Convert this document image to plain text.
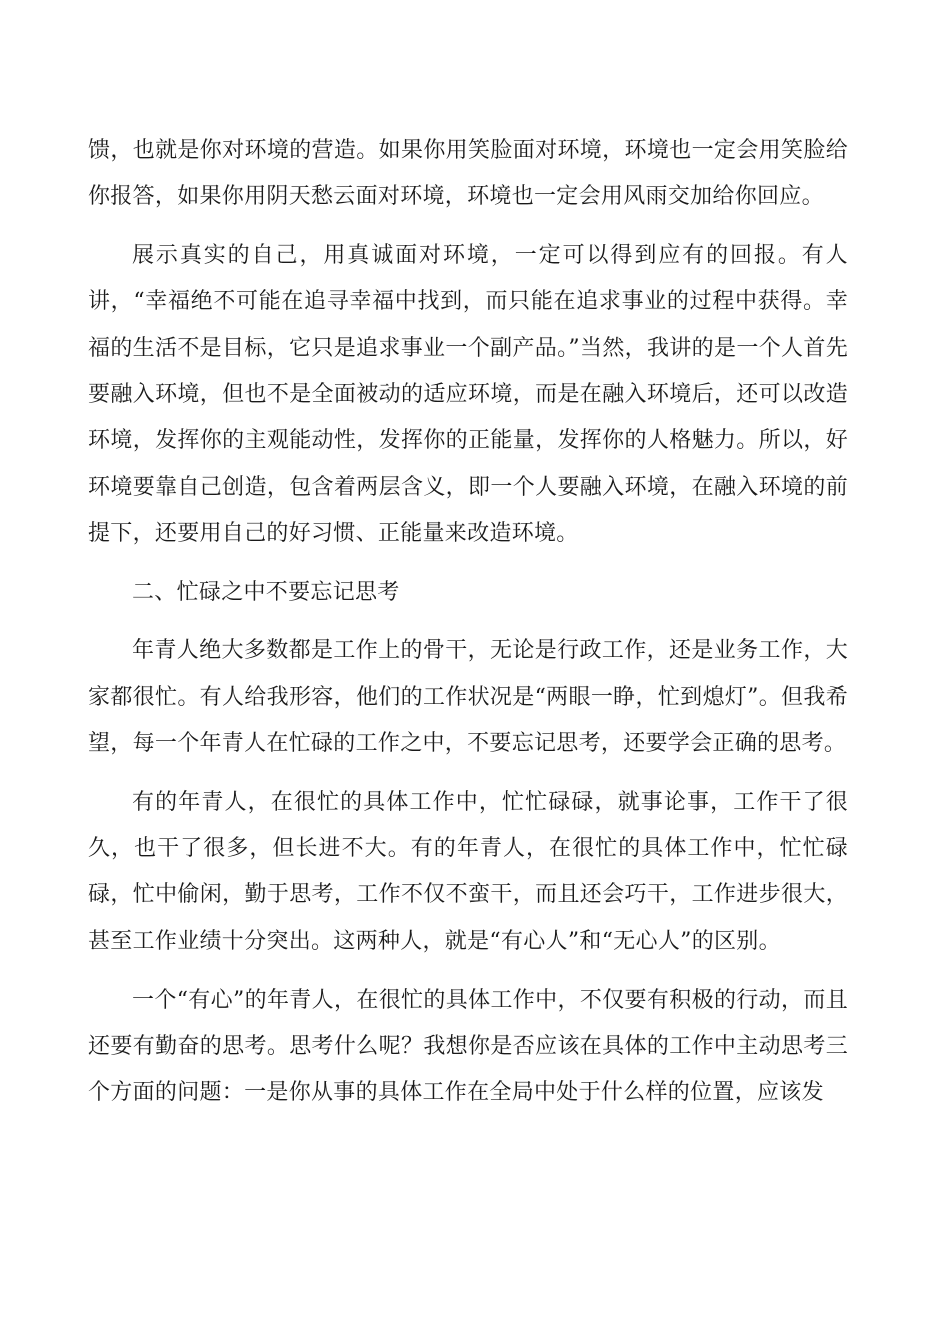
馈，也就是你对环境的营造。如果你用笑脸面对环境，环境也一定会用笑脸给你报答，如果你用阴天愁云面对环境，环境也一定会用风雨交加给你回应。

展示真实的自己，用真诚面对环境，一定可以得到应有的回报。有人讲，“幸福绝不可能在追寻幸福中找到，而只能在追求事业的过程中获得。幸福的生活不是目标，它只是追求事业一个副产品。”当然，我讲的是一个人首先要融入环境，但也不是全面被动的适应环境，而是在融入环境后，还可以改造环境，发挥你的主观能动性，发挥你的正能量，发挥你的人格魅力。所以，好环境要靠自己创造，包含着两层含义，即一个人要融入环境，在融入环境的前提下，还要用自己的好习惯、正能量来改造环境。

二、忙碌之中不要忘记思考

年青人绝大多数都是工作上的骨干，无论是行政工作，还是业务工作，大家都很忙。有人给我形容，他们的工作状况是“两眼一睁，忙到熄灯”。但我希望，每一个年青人在忙碌的工作之中，不要忘记思考，还要学会正确的思考。

有的年青人，在很忙的具体工作中，忙忙碌碌，就事论事，工作干了很久，也干了很多，但长进不大。有的年青人，在很忙的具体工作中，忙忙碌碌，忙中偷闲，勤于思考，工作不仅不蛮干，而且还会巧干，工作进步很大，甚至工作业绩十分突出。这两种人，就是“有心人”和“无心人”的区别。

一个“有心”的年青人，在很忙的具体工作中，不仅要有积极的行动，而且还要有勤奋的思考。思考什么呢？我想你是否应该在具体的工作中主动思考三个方面的问题：一是你从事的具体工作在全局中处于什么样的位置，应该发
